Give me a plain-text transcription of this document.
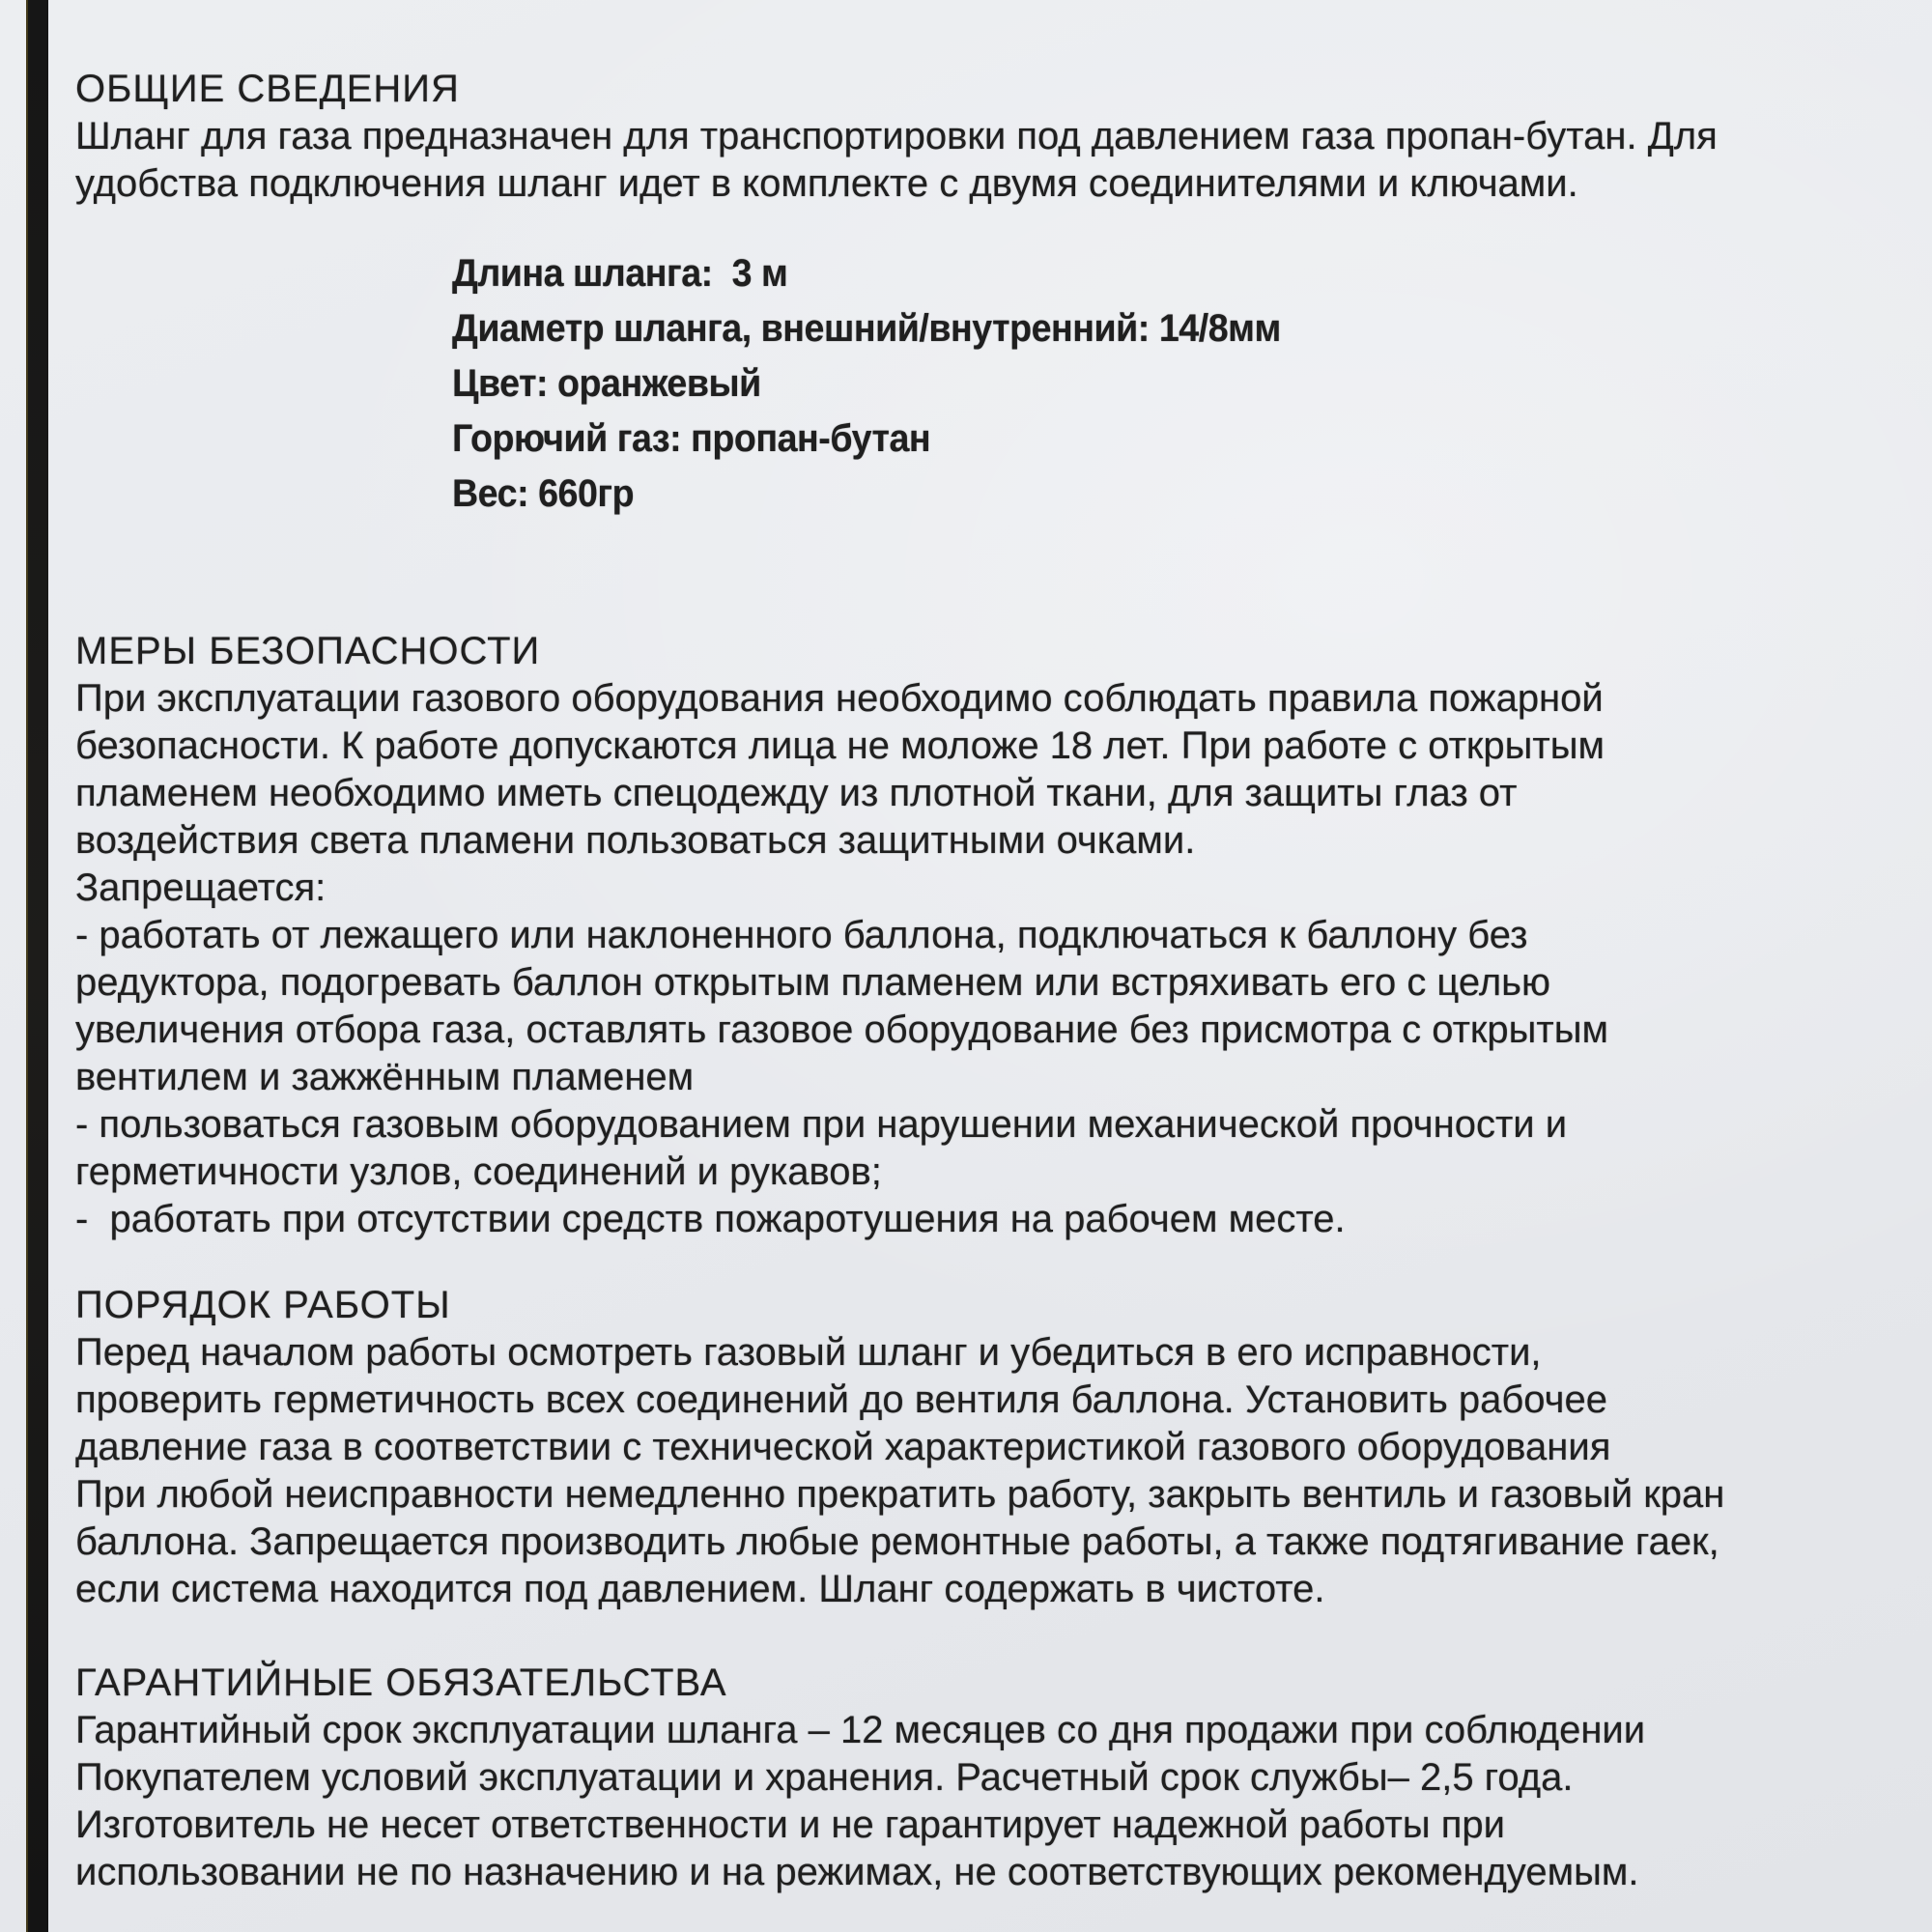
ОБЩИЕ СВЕДЕНИЯ
Шланг для газа предназначен для транспортировки под давлением газа пропан-бутан. Для
удобства подключения шланг идет в комплекте с двумя соединителями и ключами.
Длина шланга:  3 м
Диаметр шланга, внешний/внутренний: 14/8мм
Цвет: оранжевый
Горючий газ: пропан-бутан
Вес: 660гр
МЕРЫ БЕЗОПАСНОСТИ
При эксплуатации газового оборудования необходимо соблюдать правила пожарной
безопасности. К работе допускаются лица не моложе 18 лет. При работе с открытым
пламенем необходимо иметь спецодежду из плотной ткани, для защиты глаз от
воздействия света пламени пользоваться защитными очками.
Запрещается:
- работать от лежащего или наклоненного баллона, подключаться к баллону без
редуктора, подогревать баллон открытым пламенем или встряхивать его с целью
увеличения отбора газа, оставлять газовое оборудование без присмотра с открытым
вентилем и зажжённым пламенем
- пользоваться газовым оборудованием при нарушении механической прочности и
герметичности узлов, соединений и рукавов;
-  работать при отсутствии средств пожаротушения на рабочем месте.
ПОРЯДОК РАБОТЫ
Перед началом работы осмотреть газовый шланг и убедиться в его исправности,
проверить герметичность всех соединений до вентиля баллона. Установить рабочее
давление газа в соответствии с технической характеристикой газового оборудования
При любой неисправности немедленно прекратить работу, закрыть вентиль и газовый кран
баллона. Запрещается производить любые ремонтные работы, а также подтягивание гаек,
если система находится под давлением. Шланг содержать в чистоте.
ГАРАНТИЙНЫЕ ОБЯЗАТЕЛЬСТВА
Гарантийный срок эксплуатации шланга – 12 месяцев со дня продажи при соблюдении
Покупателем условий эксплуатации и хранения. Расчетный срок службы– 2,5 года.
Изготовитель не несет ответственности и не гарантирует надежной работы при
использовании не по назначению и на режимах, не соответствующих рекомендуемым.
